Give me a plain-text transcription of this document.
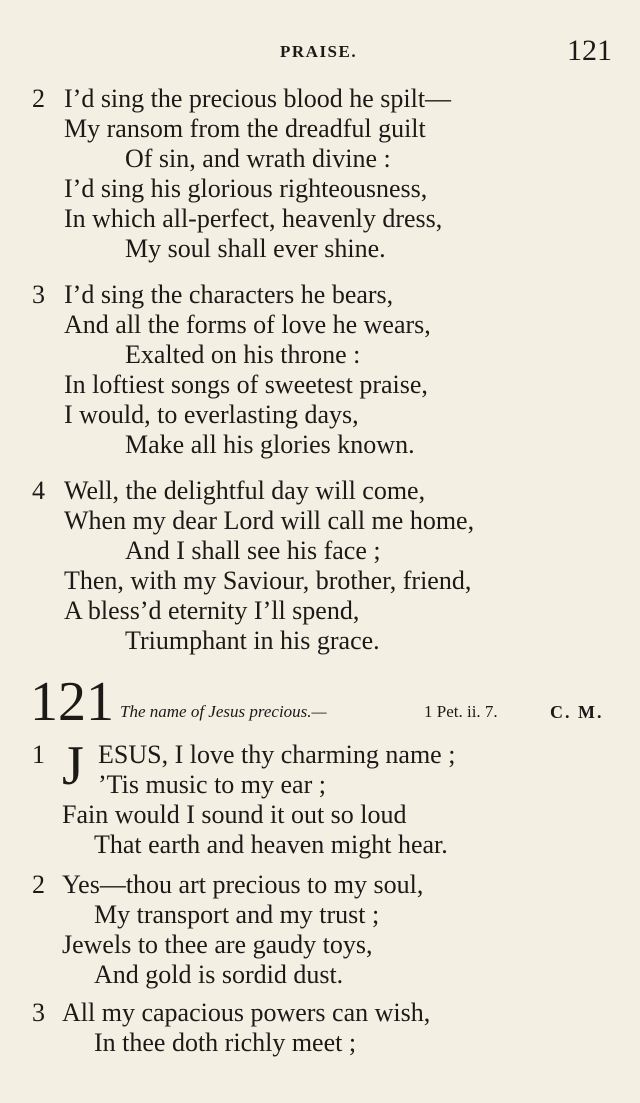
PRAISE.	121
2 I’d sing the precious blood he spilt—
My ransom from the dreadful guilt
Of sin, and wrath divine :
I’d sing his glorious righteousness,
In which all-perfect, heavenly dress,
My soul shall ever shine.
3 I’d sing the characters he bears,
And all the forms of love he wears,
Exalted on his throne :
In loftiest songs of sweetest praise,
I would, to everlasting days,
Make all his glories known.
4 Well, the delightful day will come,
When my dear Lord will call me home,
And I shall see his face ;
Then, with my Saviour, brother, friend,
A bless’d eternity I’ll spend,
Triumphant in his grace.
121 The name of Jesus precious.—	1 Pet. ii. 7.	C. M.
1 J ESUS, I love thy charming name ;
’Tis music to my ear ;
Fain would I sound it out so loud
That earth and heaven might hear.
2 Yes—thou art precious to my soul,
My transport and my trust ;
Jewels to thee are gaudy toys,
And gold is sordid dust.
3 All my capacious powers can wish,
In thee doth richly meet ;
